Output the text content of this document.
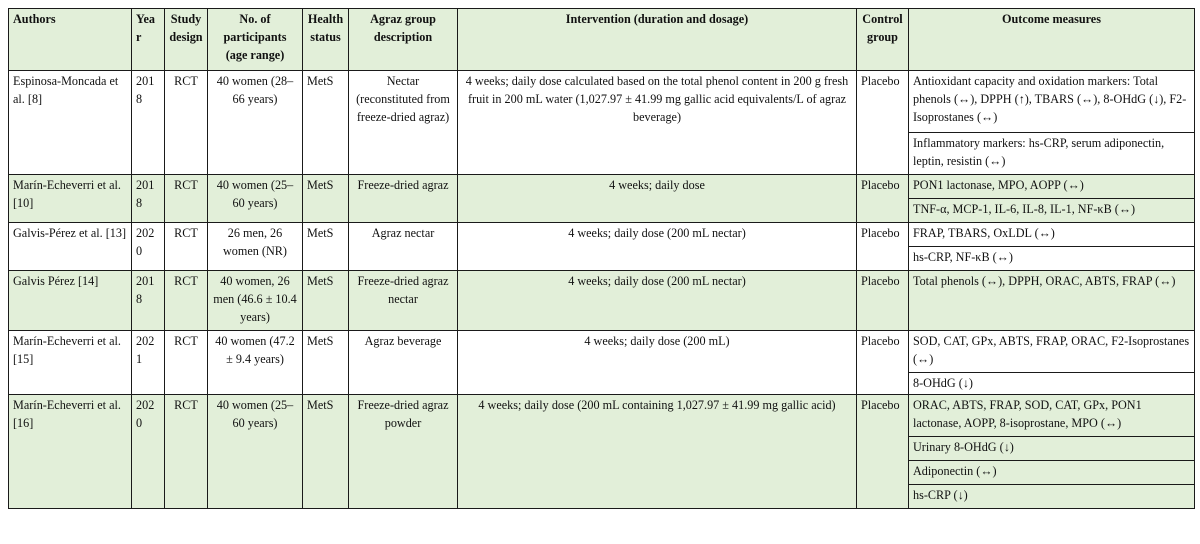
Authors	Year	Study design	No. of participants (age range)	Health status	Agraz group description	Intervention (duration and dosage)	Control group	Outcome measures
Espinosa-Moncada et al. [8]	2018	RCT	40 women (28–66 years)	MetS	Nectar (reconstituted from freeze-dried agraz)	4 weeks; daily dose calculated based on the total phenol content in 200 g fresh fruit in 200 mL water (1,027.97 ± 41.99 mg gallic acid equivalents/L of agraz beverage)	Placebo	Antioxidant capacity and oxidation markers: Total phenols (↔), DPPH (↑), TBARS (↔), 8-OHdG (↓), F2-Isoprostanes (↔)
								Inflammatory markers: hs-CRP, serum adiponectin, leptin, resistin (↔)
Marín-Echeverri et al. [10]	2018	RCT	40 women (25–60 years)	MetS	Freeze-dried agraz	4 weeks; daily dose	Placebo	PON1 lactonase, MPO, AOPP (↔)
								TNF-α, MCP-1, IL-6, IL-8, IL-1, NF-κB (↔)
Galvis-Pérez et al. [13]	2020	RCT	26 men, 26 women (NR)	MetS	Agraz nectar	4 weeks; daily dose (200 mL nectar)	Placebo	FRAP, TBARS, OxLDL (↔)
								hs-CRP, NF-κB (↔)
Galvis Pérez [14]	2018	RCT	40 women, 26 men (46.6 ± 10.4 years)	MetS	Freeze-dried agraz nectar	4 weeks; daily dose (200 mL nectar)	Placebo	Total phenols (↔), DPPH, ORAC, ABTS, FRAP (↔)
Marín-Echeverri et al. [15]	2021	RCT	40 women (47.2 ± 9.4 years)	MetS	Agraz beverage	4 weeks; daily dose (200 mL)	Placebo	SOD, CAT, GPx, ABTS, FRAP, ORAC, F2-Isoprostanes (↔)
								8-OHdG (↓)
Marín-Echeverri et al. [16]	2020	RCT	40 women (25–60 years)	MetS	Freeze-dried agraz powder	4 weeks; daily dose (200 mL containing 1,027.97 ± 41.99 mg gallic acid)	Placebo	ORAC, ABTS, FRAP, SOD, CAT, GPx, PON1 lactonase, AOPP, 8-isoprostane, MPO (↔)
								Urinary 8-OHdG (↓)
								Adiponectin (↔)
								hs-CRP (↓)
